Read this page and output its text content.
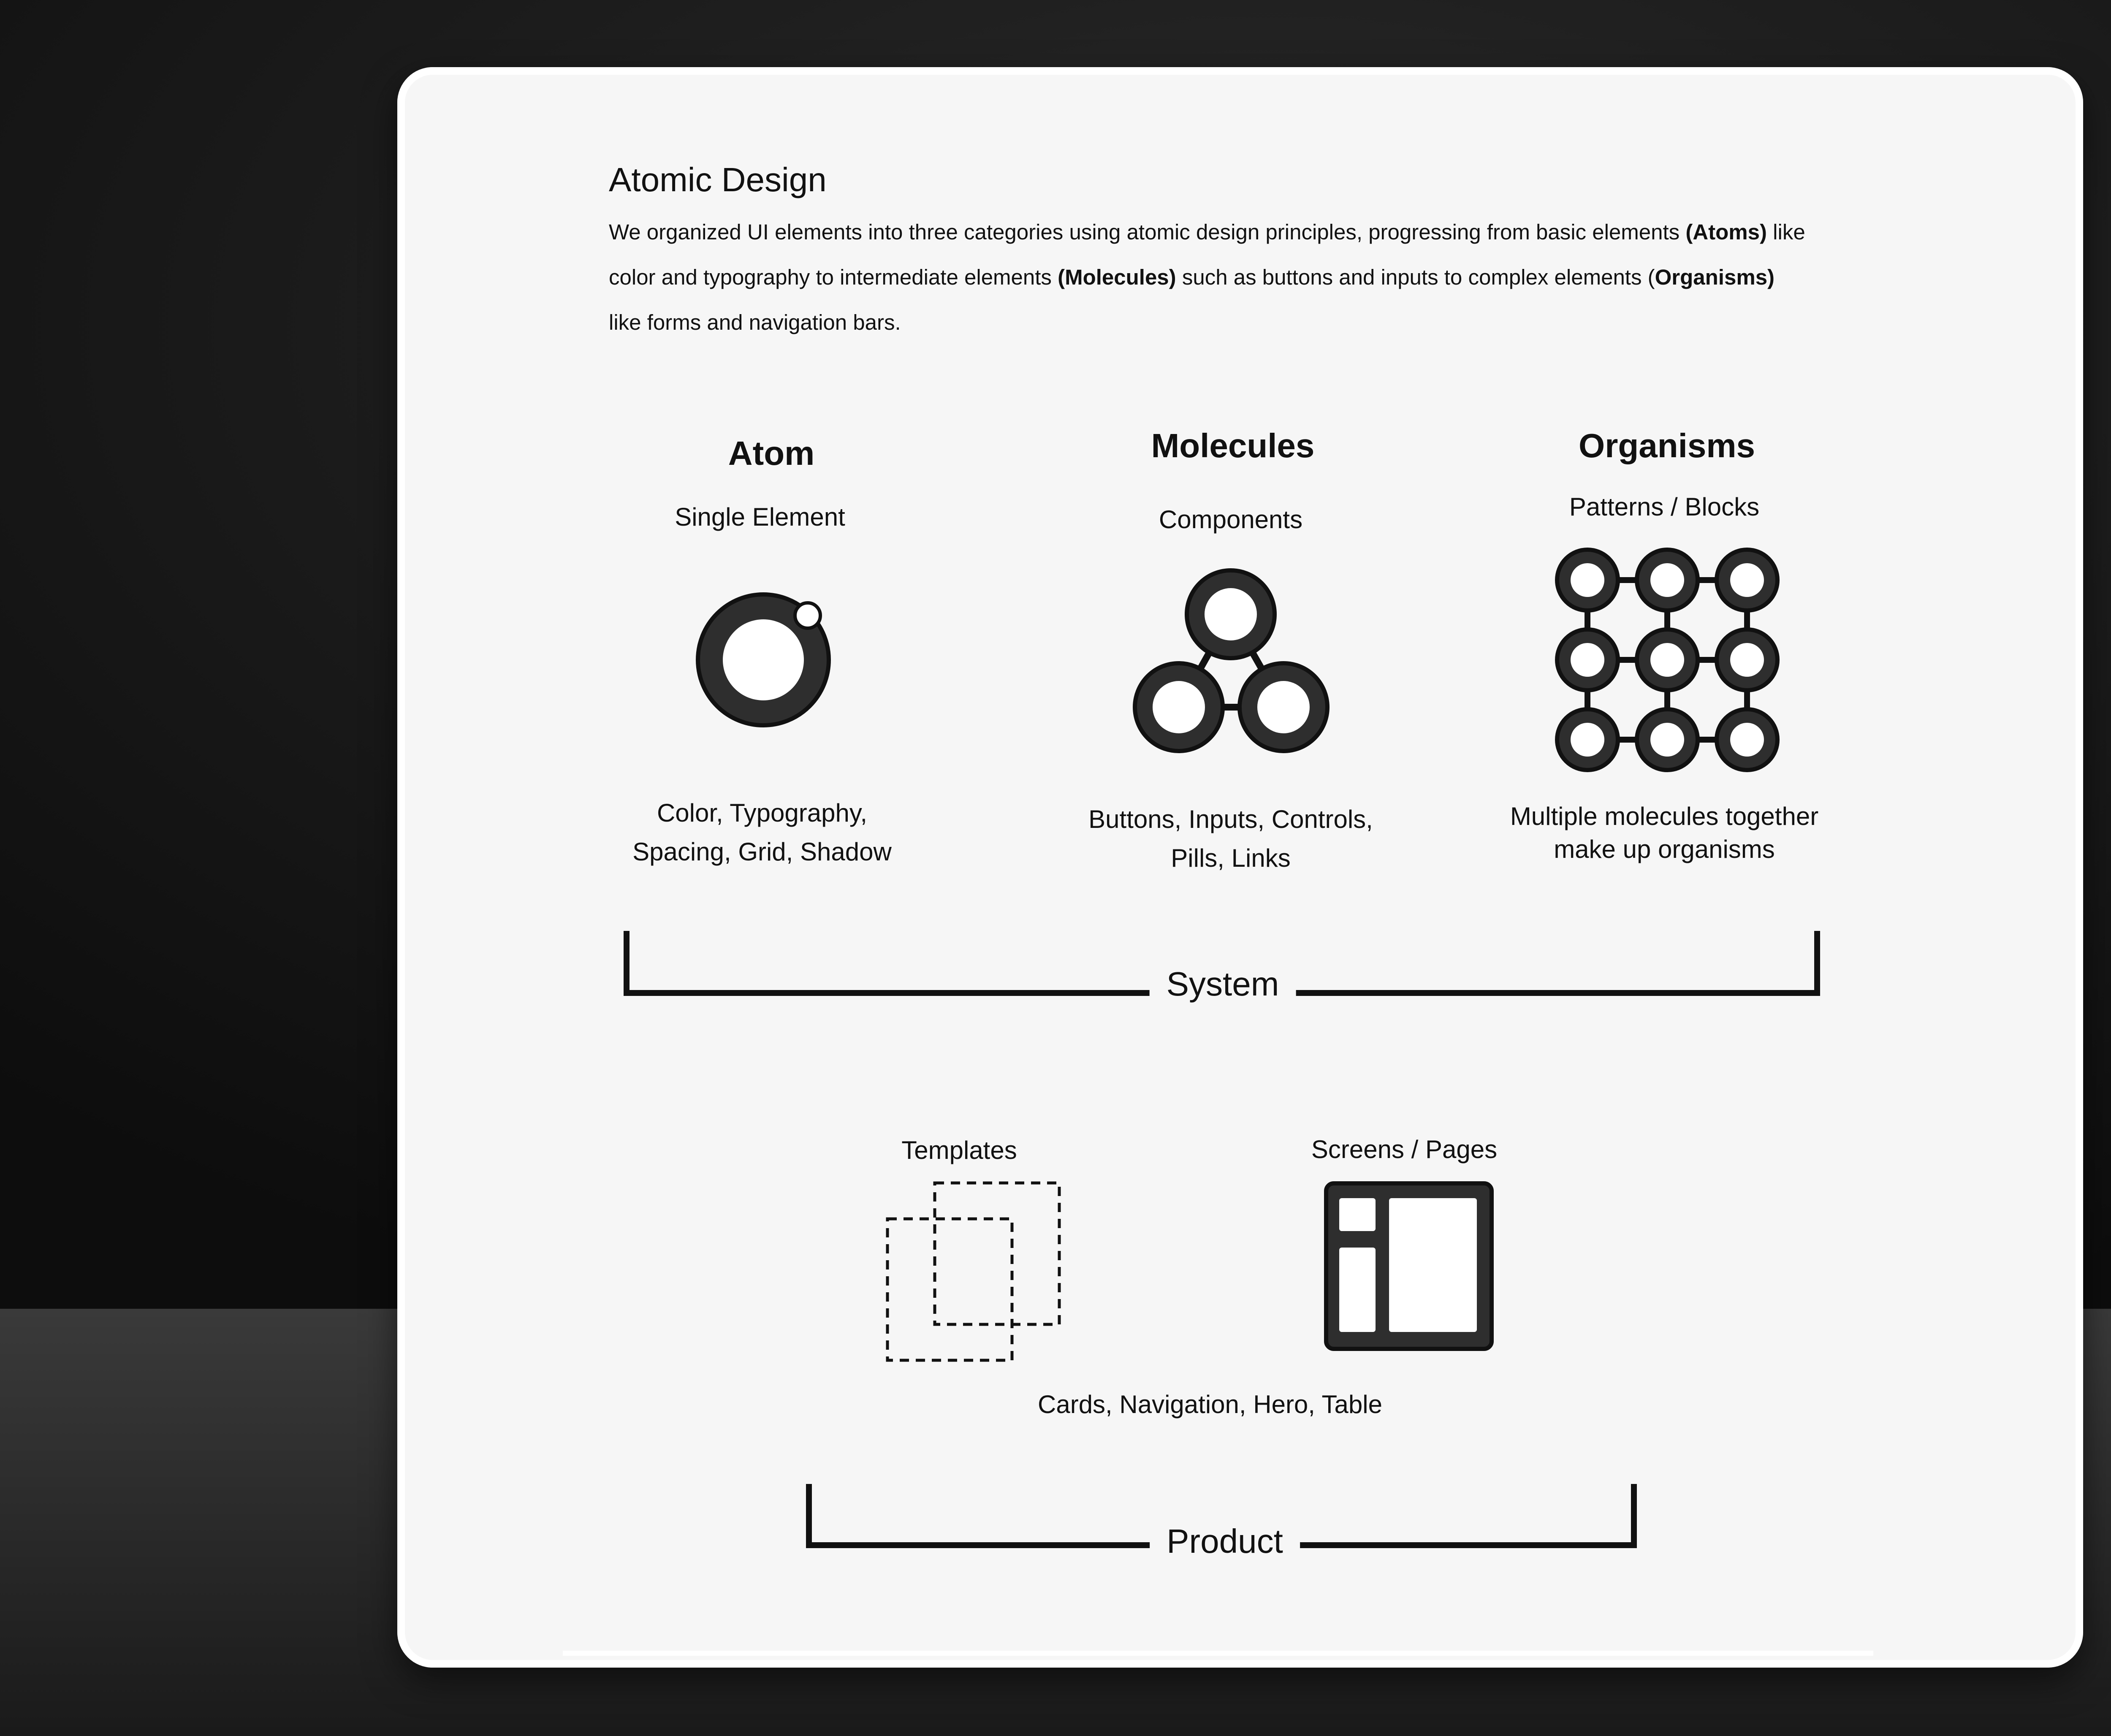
Atomic Design
We organized UI elements into three categories using atomic design principles, progressing from basic elements (Atoms) like color and typography to intermediate elements (Molecules) such as buttons and inputs to complex elements (Organisms) like forms and navigation bars.
Atom
Single Element
Molecules
Components
Organisms
Patterns / Blocks
Color, Typography,
Spacing, Grid, Shadow
Buttons, Inputs, Controls,
Pills, Links
Multiple molecules together
make up organisms
System
Product
Templates	Screens / Pages
Cards, Navigation, Hero, Table
